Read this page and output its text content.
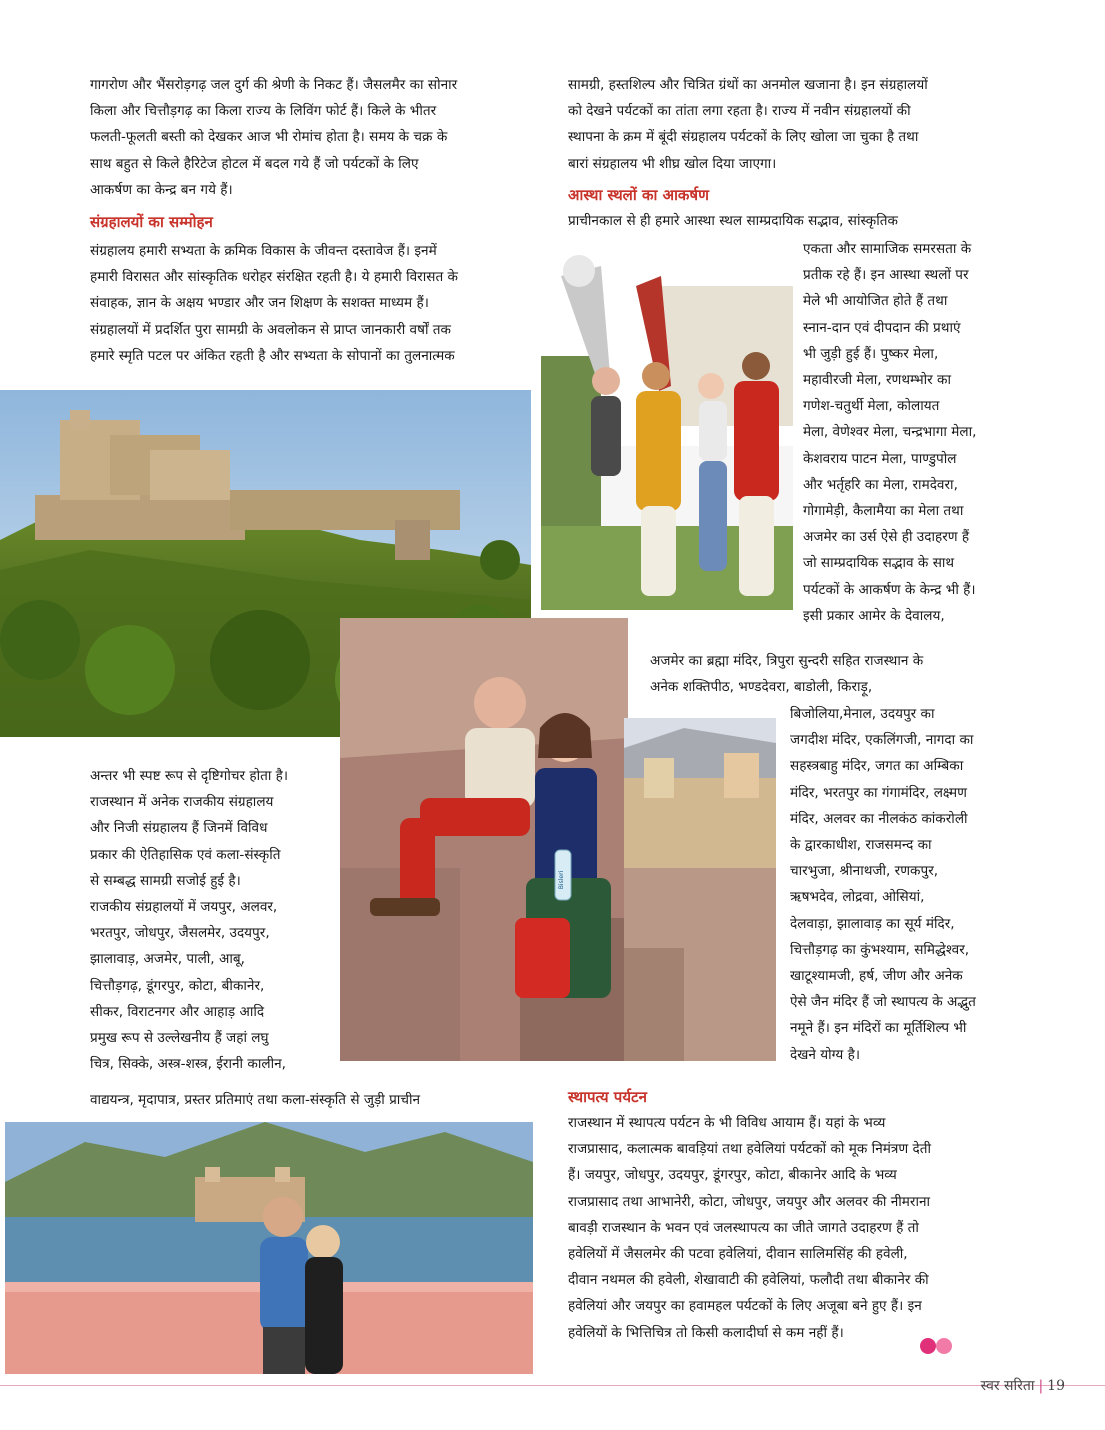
गागरोण और भैंसरोड़गढ़ जल दुर्ग की श्रेणी के निकट हैं। जैसलमैर का सोनार

किला और चित्तौड़गढ़ का किला राज्य के लिविंग फोर्ट हैं। किले के भीतर

फलती-फूलती बस्ती को देखकर आज भी रोमांच होता है। समय के चक्र के

साथ बहुत से किले हैरिटेज होटल में बदल गये हैं जो पर्यटकों के लिए

आकर्षण का केन्द्र बन गये हैं।

संग्रहालयों का सम्मोहन

संग्रहालय हमारी सभ्यता के क्रमिक विकास के जीवन्त दस्तावेज हैं। इनमें

हमारी विरासत और सांस्कृतिक धरोहर संरक्षित रहती है। ये हमारी विरासत के

संवाहक, ज्ञान के अक्षय भण्डार और जन शिक्षण के सशक्त माध्यम हैं।

संग्रहालयों में प्रदर्शित पुरा सामग्री के अवलोकन से प्राप्त जानकारी वर्षों तक

हमारे स्मृति पटल पर अंकित रहती है और सभ्यता के सोपानों का तुलनात्मक

अन्तर भी स्पष्ट रूप से दृष्टिगोचर होता है।

राजस्थान में अनेक राजकीय संग्रहालय

और निजी संग्रहालय हैं जिनमें विविध

प्रकार की ऐतिहासिक एवं कला-संस्कृति

से सम्बद्ध सामग्री सजोई हुई है।

राजकीय संग्रहालयों में जयपुर, अलवर,

भरतपुर, जोधपुर, जैसलमेर, उदयपुर,

झालावाड़, अजमेर, पाली, आबू,

चित्तौड़गढ़, डूंगरपुर, कोटा, बीकानेर,

सीकर, विराटनगर और आहाड़ आदि

प्रमुख रूप से उल्लेखनीय हैं जहां लघु

चित्र, सिक्के, अस्त्र-शस्त्र, ईरानी कालीन,

वाद्ययन्त्र, मृदापात्र, प्रस्तर प्रतिमाएं तथा कला-संस्कृति से जुड़ी प्राचीन

Bisleri

सामग्री, हस्तशिल्प और चित्रित ग्रंथों का अनमोल खजाना है। इन संग्रहालयों

को देखने पर्यटकों का तांता लगा रहता है। राज्य में नवीन संग्रहालयों की

स्थापना के क्रम में बूंदी संग्रहालय पर्यटकों के लिए खोला जा चुका है तथा

बारां संग्रहालय भी शीघ्र खोल दिया जाएगा।

आस्था स्थलों का आकर्षण

प्राचीनकाल से ही हमारे आस्था स्थल साम्प्रदायिक सद्भाव, सांस्कृतिक

एकता और सामाजिक समरसता के

प्रतीक रहे हैं। इन आस्था स्थलों पर

मेले भी आयोजित होते हैं तथा

स्नान-दान एवं दीपदान की प्रथाएं

भी जुड़ी हुई हैं। पुष्कर मेला,

महावीरजी मेला, रणथम्भोर का

गणेश-चतुर्थी मेला, कोलायत

मेला, वेणेश्वर मेला, चन्द्रभागा मेला,

केशवराय पाटन मेला, पाण्डुपोल

और भर्तृहरि का मेला, रामदेवरा,

गोगामेड़ी, कैलामैया का मेला तथा

अजमेर का उर्स ऐसे ही उदाहरण हैं

जो साम्प्रदायिक सद्भाव के साथ

पर्यटकों के आकर्षण के केन्द्र भी हैं।

इसी प्रकार आमेर के देवालय,

अजमेर का ब्रह्मा मंदिर, त्रिपुरा सुन्दरी सहित राजस्थान के

अनेक शक्तिपीठ, भण्डदेवरा, बाडोली, किराड़ू,

बिजोलिया,मेनाल, उदयपुर का

जगदीश मंदिर, एकलिंगजी, नागदा का

सहस्त्रबाहु मंदिर, जगत का अम्बिका

मंदिर, भरतपुर का गंगामंदिर, लक्ष्मण

मंदिर, अलवर का नीलकंठ कांकरोली

के द्वारकाधीश, राजसमन्द का

चारभुजा, श्रीनाथजी, रणकपुर,

ऋषभदेव, लोद्रवा, ओसियां,

देलवाड़ा, झालावाड़ का सूर्य मंदिर,

चित्तौड़गढ़ का कुंभश्याम, समिद्धेश्वर,

खाटूश्यामजी, हर्ष, जीण और अनेक

ऐसे जैन मंदिर हैं जो स्थापत्य के अद्भुत

नमूने हैं। इन मंदिरों का मूर्तिशिल्प भी

देखने योग्य है।

स्थापत्य पर्यटन

राजस्थान में स्थापत्य पर्यटन के भी विविध आयाम हैं। यहां के भव्य

राजप्रासाद, कलात्मक बावड़ियां तथा हवेलियां पर्यटकों को मूक निमंत्रण देती

हैं। जयपुर, जोधपुर, उदयपुर, डूंगरपुर, कोटा, बीकानेर आदि के भव्य

राजप्रासाद तथा आभानेरी, कोटा, जोधपुर, जयपुर और अलवर की नीमराना

बावड़ी राजस्थान के भवन एवं जलस्थापत्य का जीते जागते उदाहरण हैं तो

हवेलियों में जैसलमेर की पटवा हवेलियां, दीवान सालिमसिंह की हवेली,

दीवान नथमल की हवेली, शेखावाटी की हवेलियां, फलौदी तथा बीकानेर की

हवेलियां और जयपुर का हवामहल पर्यटकों के लिए अजूबा बने हुए हैं। इन

हवेलियों के भित्तिचित्र तो किसी कलादीर्घा से कम नहीं हैं।

स्वर सरिता | 19
